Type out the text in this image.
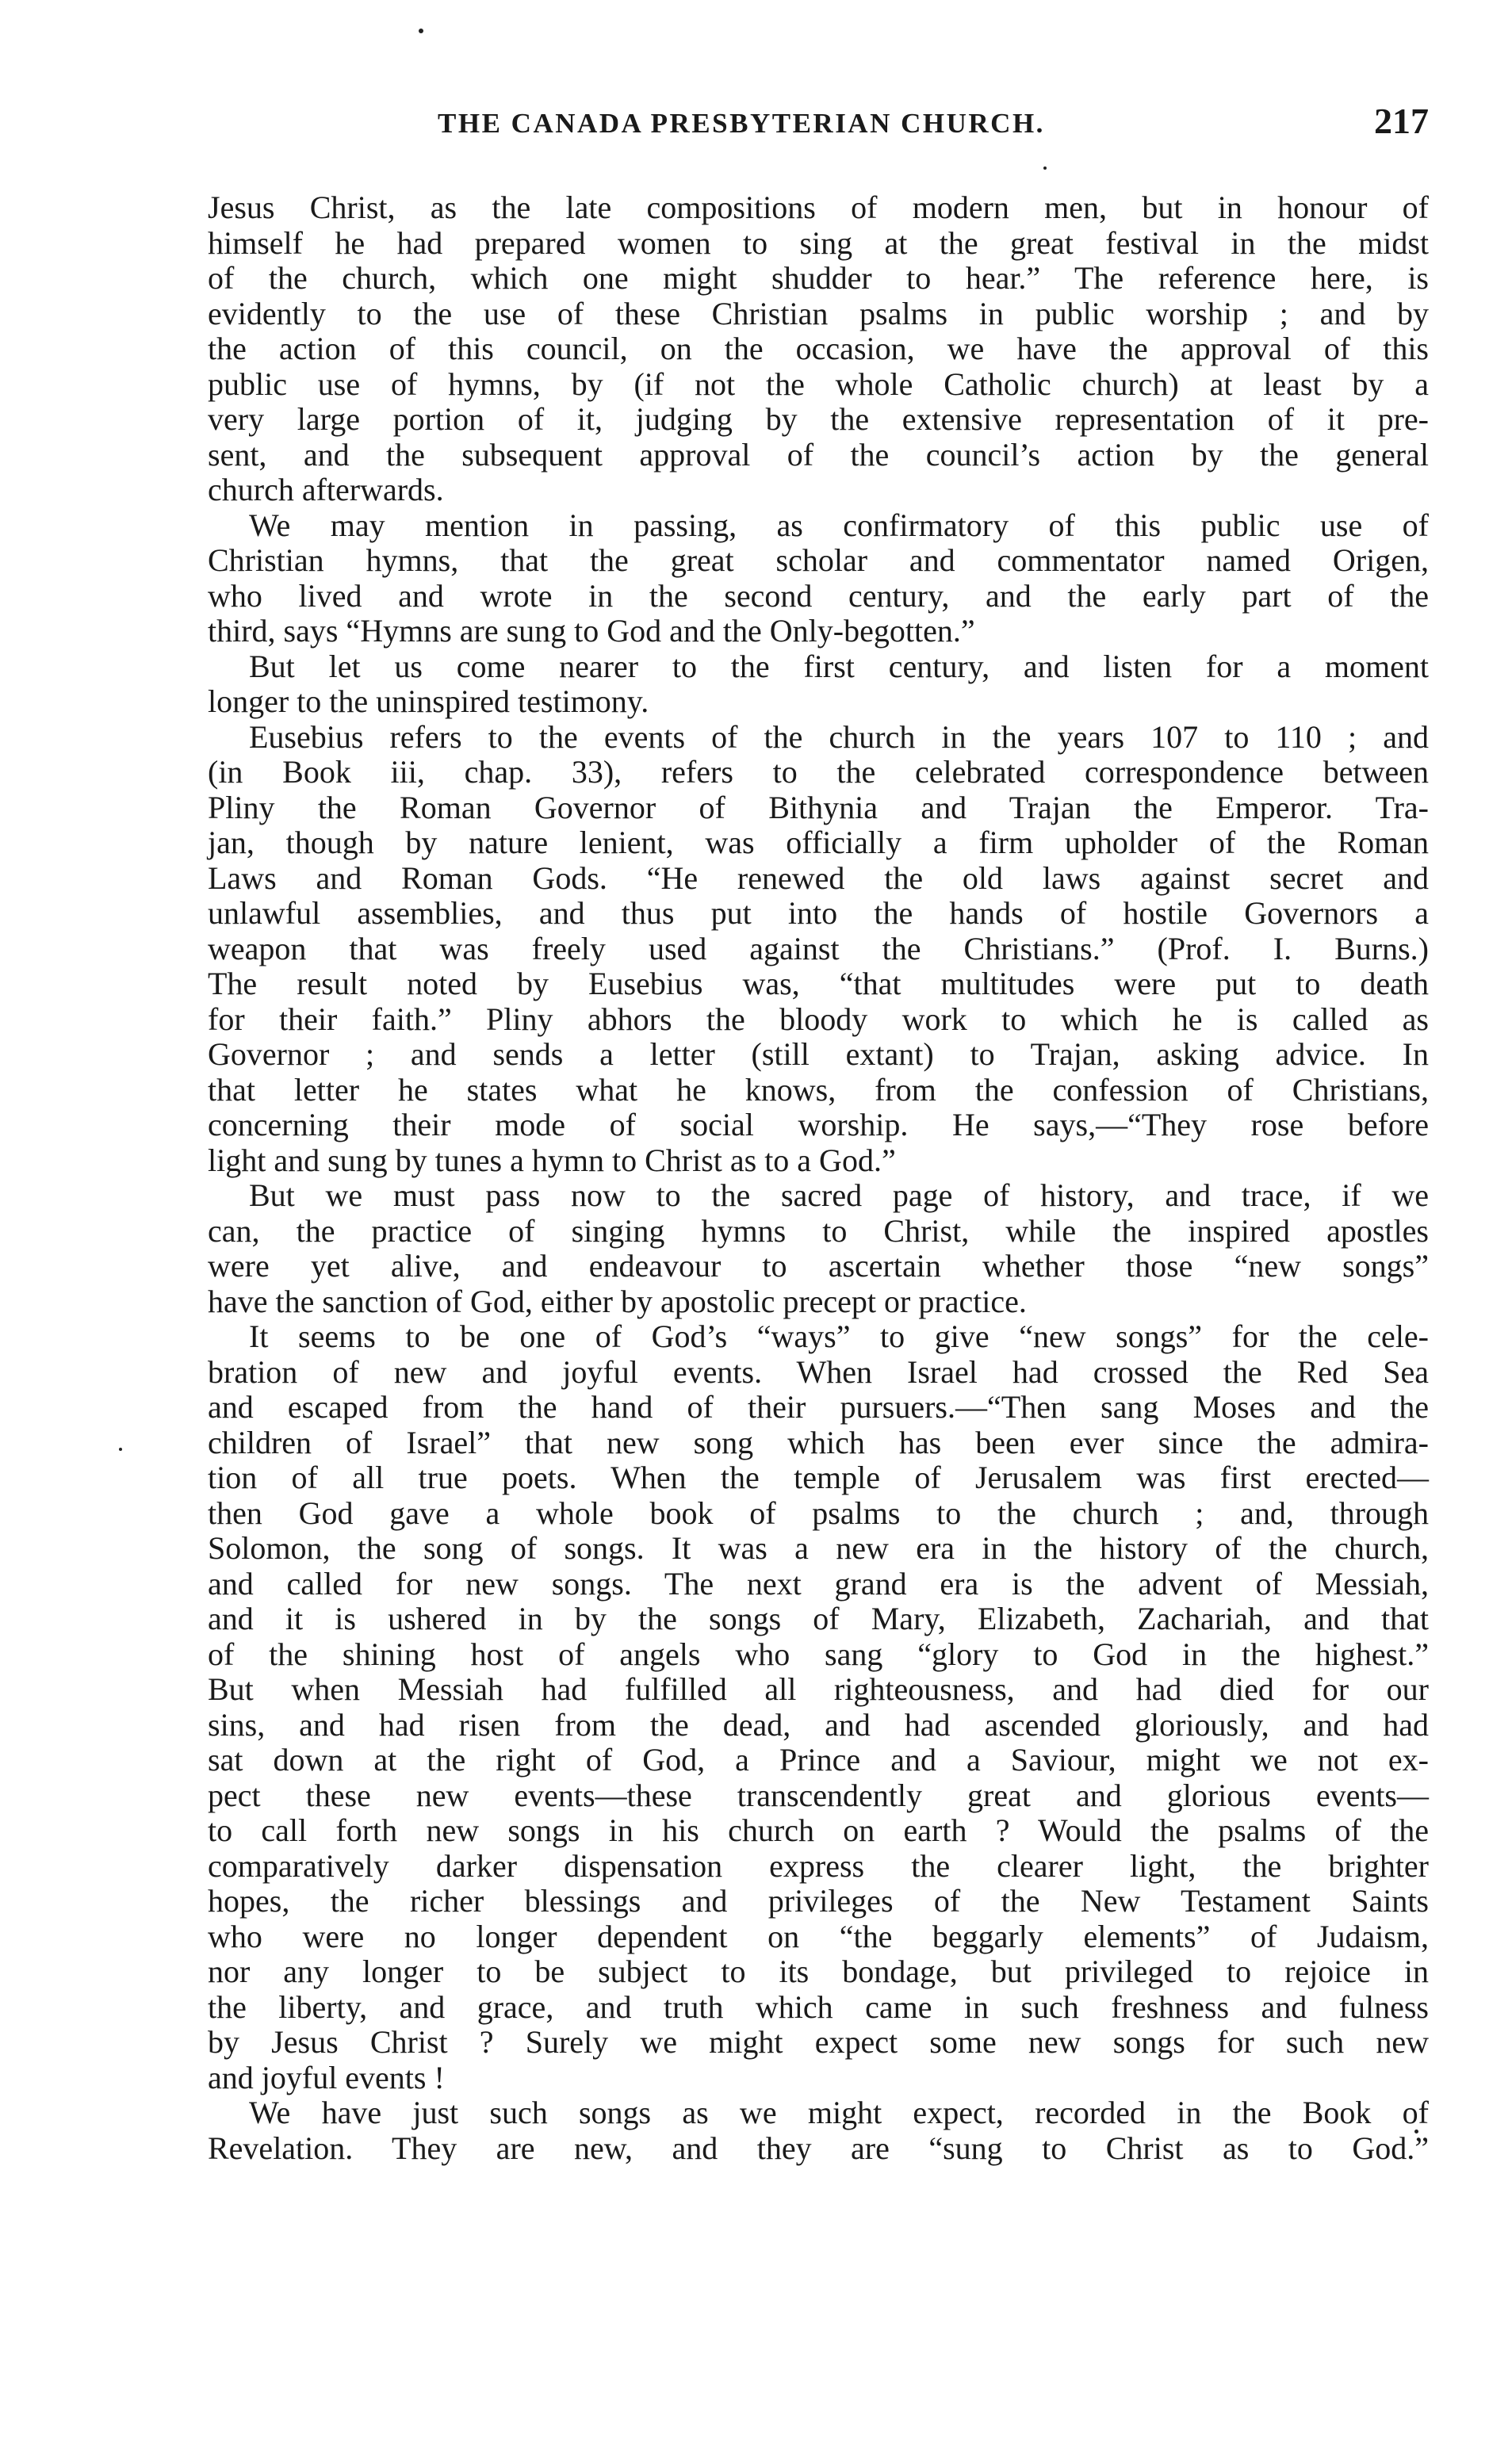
THE CANADA PRESBYTERIAN CHURCH.	217
Jesus Christ, as the late compositions of modern men, but in honour of
himself he had prepared women to sing at the great festival in the midst
of the church, which one might shudder to hear.” The reference here, is
evidently to the use of these Christian psalms in public worship ; and by
the action of this council, on the occasion, we have the approval of this
public use of hymns, by (if not the whole Catholic church) at least by a
very large portion of it, judging by the extensive representation of it pre-
sent, and the subsequent approval of the council’s action by the general
church afterwards.
We may mention in passing, as confirmatory of this public use of
Christian hymns, that the great scholar and commentator named Origen,
who lived and wrote in the second century, and the early part of the
third, says “Hymns are sung to God and the Only-begotten.”
But let us come nearer to the first century, and listen for a moment
longer to the uninspired testimony.
Eusebius refers to the events of the church in the years 107 to 110 ; and
(in Book iii, chap. 33), refers to the celebrated correspondence between
Pliny the Roman Governor of Bithynia and Trajan the Emperor. Tra-
jan, though by nature lenient, was officially a firm upholder of the Roman
Laws and Roman Gods. “He renewed the old laws against secret and
unlawful assemblies, and thus put into the hands of hostile Governors a
weapon that was freely used against the Christians.” (Prof. I. Burns.)
The result noted by Eusebius was, “that multitudes were put to death
for their faith.” Pliny abhors the bloody work to which he is called as
Governor ; and sends a letter (still extant) to Trajan, asking advice. In
that letter he states what he knows, from the confession of Christians,
concerning their mode of social worship. He says,—“They rose before
light and sung by tunes a hymn to Christ as to a God.”
But we must pass now to the sacred page of history, and trace, if we
can, the practice of singing hymns to Christ, while the inspired apostles
were yet alive, and endeavour to ascertain whether those “new songs”
have the sanction of God, either by apostolic precept or practice.
It seems to be one of God’s “ways” to give “new songs” for the cele-
bration of new and joyful events. When Israel had crossed the Red Sea
and escaped from the hand of their pursuers.—“Then sang Moses and the
children of Israel” that new song which has been ever since the admira-
tion of all true poets. When the temple of Jerusalem was first erected—
then God gave a whole book of psalms to the church ; and, through
Solomon, the song of songs. It was a new era in the history of the church,
and called for new songs. The next grand era is the advent of Messiah,
and it is ushered in by the songs of Mary, Elizabeth, Zachariah, and that
of the shining host of angels who sang “glory to God in the highest.”
But when Messiah had fulfilled all righteousness, and had died for our
sins, and had risen from the dead, and had ascended gloriously, and had
sat down at the right of God, a Prince and a Saviour, might we not ex-
pect these new events—these transcendently great and glorious events—
to call forth new songs in his church on earth ? Would the psalms of the
comparatively darker dispensation express the clearer light, the brighter
hopes, the richer blessings and privileges of the New Testament Saints
who were no longer dependent on “the beggarly elements” of Judaism,
nor any longer to be subject to its bondage, but privileged to rejoice in
the liberty, and grace, and truth which came in such freshness and fulness
by Jesus Christ ? Surely we might expect some new songs for such new
and joyful events !
We have just such songs as we might expect, recorded in the Book of
Revelation. They are new, and they are “sung to Christ as to God.”
